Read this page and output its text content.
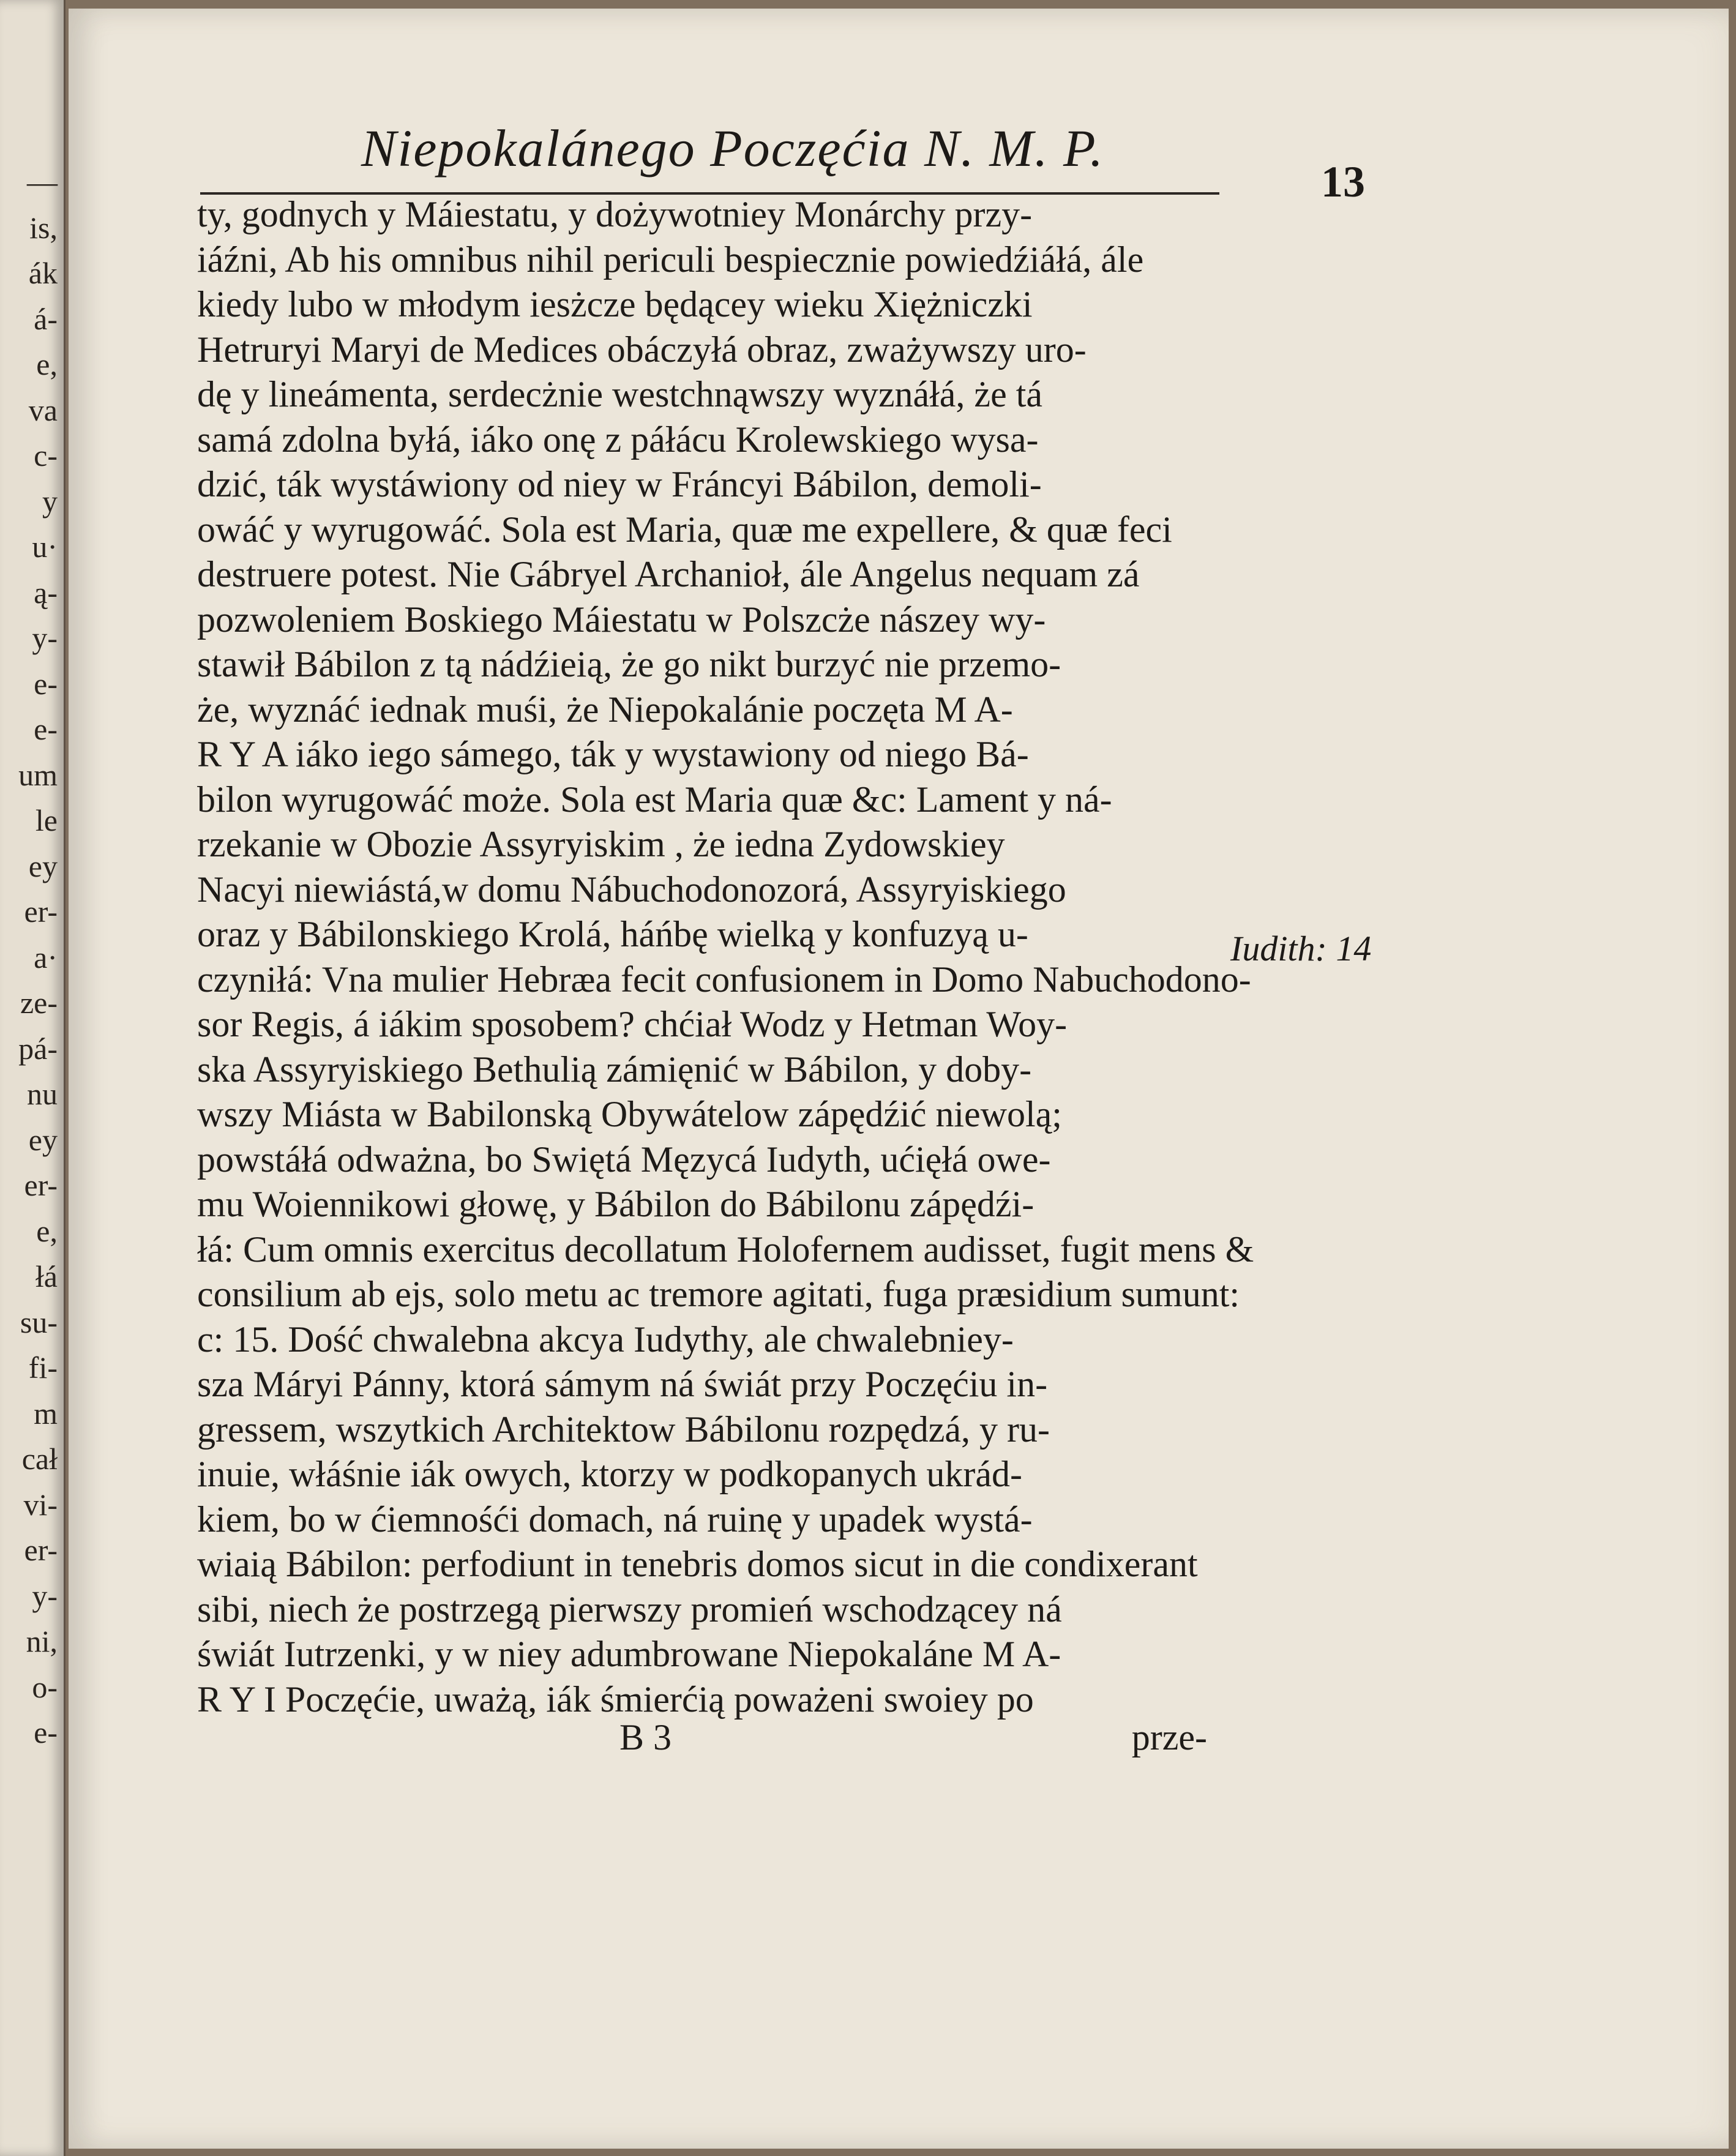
—
is,
ák
á-
e,
va
c-
y
u·
ą-
y-
e-
e-
um
le
ey
er-
a·
ze-
pá-
nu
ey
er-
e,
łá
su-
fi-
m
cał
vi-
er-
y-
ni,
o-
e-
Niepokalánego Poczęćia N. M. P.
13
ty, godnych y Máiestatu, y dożywotniey Monárchy przy-
iáźni, Ab his omnibus nihil periculi bespiecznie powiedźiáłá, ále
kiedy lubo w młodym iesżcze będącey wieku Xiężniczki
Hetruryi Maryi de Medices obáczyłá obraz, zważywszy uro-
dę y lineámenta, serdecżnie westchnąwszy wyznáłá, że tá
samá zdolna byłá, iáko onę z páłácu Krolewskiego wysa-
dzić, ták wystáwiony od niey w Fráncyi Bábilon, demoli-
owáć y wyrugowáć. Sola est Maria, quæ me expellere, & quæ feci
destruere potest. Nie Gábryel Archanioł, ále Angelus nequam zá
pozwoleniem Boskiego Máiestatu w Polszcże nászey wy-
stawił Bábilon z tą nádźieią, że go nikt burzyć nie przemo-
że, wyznáć iednak muśi, że Niepokalánie poczęta M A-
R Y A iáko iego sámego, ták y wystawiony od niego Bá-
bilon wyrugowáć może. Sola est Maria quæ &c: Lament y ná-
rzekanie w Obozie Assyryiskim , że iedna Zydowskiey
Nacyi niewiástá,w domu Nábuchodonozorá, Assyryiskiego
oraz y Bábilonskiego Krolá, háńbę wielką y konfuzyą u-
czyniłá: Vna mulier Hebræa fecit confusionem in Domo Nabuchodono-
sor Regis, á iákim sposobem? chćiał Wodz y Hetman Woy-
ska Assyryiskiego Bethulią zámięnić w Bábilon, y doby-
wszy Miásta w Babilonską Obywátelow zápędźić niewolą;
powstáłá odważna, bo Swiętá Męzycá Iudyth, ućięłá owe-
mu Woiennikowi głowę, y Bábilon do Bábilonu zápędźi-
łá: Cum omnis exercitus decollatum Holofernem audisset, fugit mens &
consilium ab ejs, solo metu ac tremore agitati, fuga præsidium sumunt:
c: 15. Dość chwalebna akcya Iudythy, ale chwalebniey-
sza Máryi Pánny, ktorá sámym ná świát przy Poczęćiu in-
gressem, wszytkich Architektow Bábilonu rozpędzá, y ru-
inuie, włáśnie iák owych, ktorzy w podkopanych ukrád-
kiem, bo w ćiemnośći domach, ná ruinę y upadek wystá-
wiaią Bábilon: perfodiunt in tenebris domos sicut in die condixerant
sibi, niech że postrzegą pierwszy promień wschodzącey ná
świát Iutrzenki, y w niey adumbrowane Niepokaláne M A-
R Y I Poczęćie, uważą, iák śmierćią poważeni swoiey po
Iudith: 14
B 3	prze-
